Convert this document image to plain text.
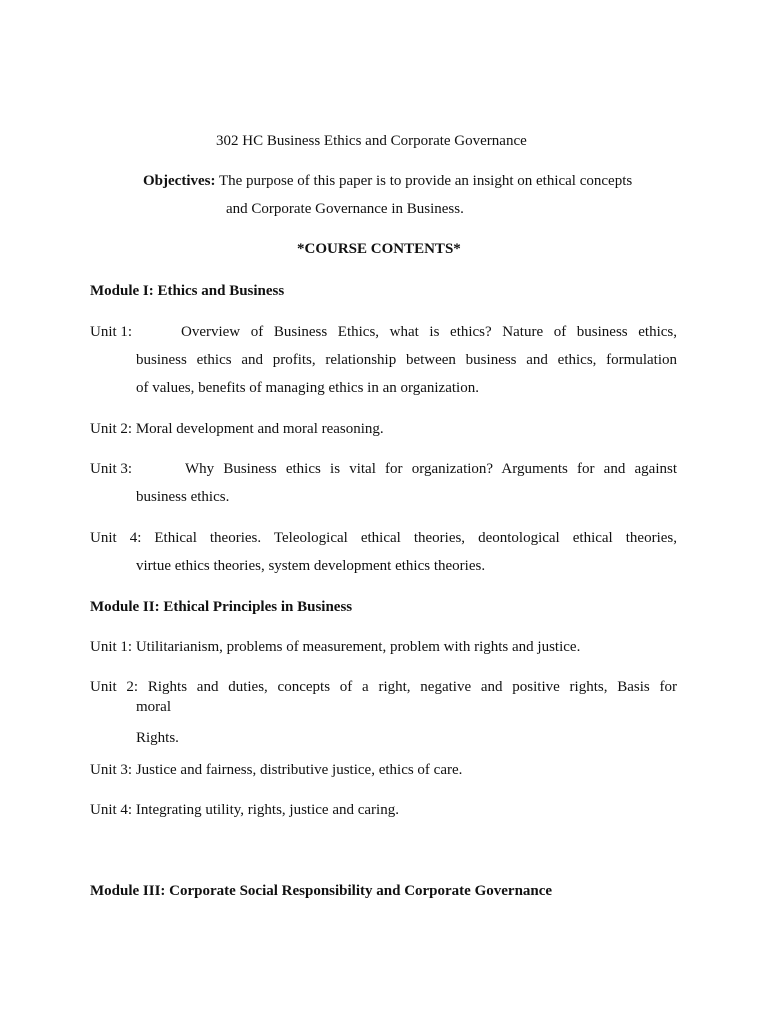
302 HC Business Ethics and Corporate Governance
Objectives: The purpose of this paper is to provide an insight on ethical concepts
and Corporate Governance in Business.
*COURSE CONTENTS*
Module I: Ethics and Business
Unit 1:	Overview of Business Ethics, what is ethics? Nature of business ethics,
business ethics and profits, relationship between business and ethics, formulation
of values, benefits of managing ethics in an organization.
Unit 2: Moral development and moral reasoning.
Unit 3:	Why Business ethics is vital for organization? Arguments for and against
business ethics.
Unit 4: Ethical theories. Teleological ethical theories, deontological ethical theories,
virtue ethics theories, system development ethics theories.
Module II: Ethical Principles in Business
Unit 1: Utilitarianism, problems of measurement, problem with rights and justice.
Unit 2: Rights and duties, concepts of a right, negative and positive rights, Basis for
moral
Rights.
Unit 3: Justice and fairness, distributive justice, ethics of care.
Unit 4: Integrating utility, rights, justice and caring.
Module III: Corporate Social Responsibility and Corporate Governance
